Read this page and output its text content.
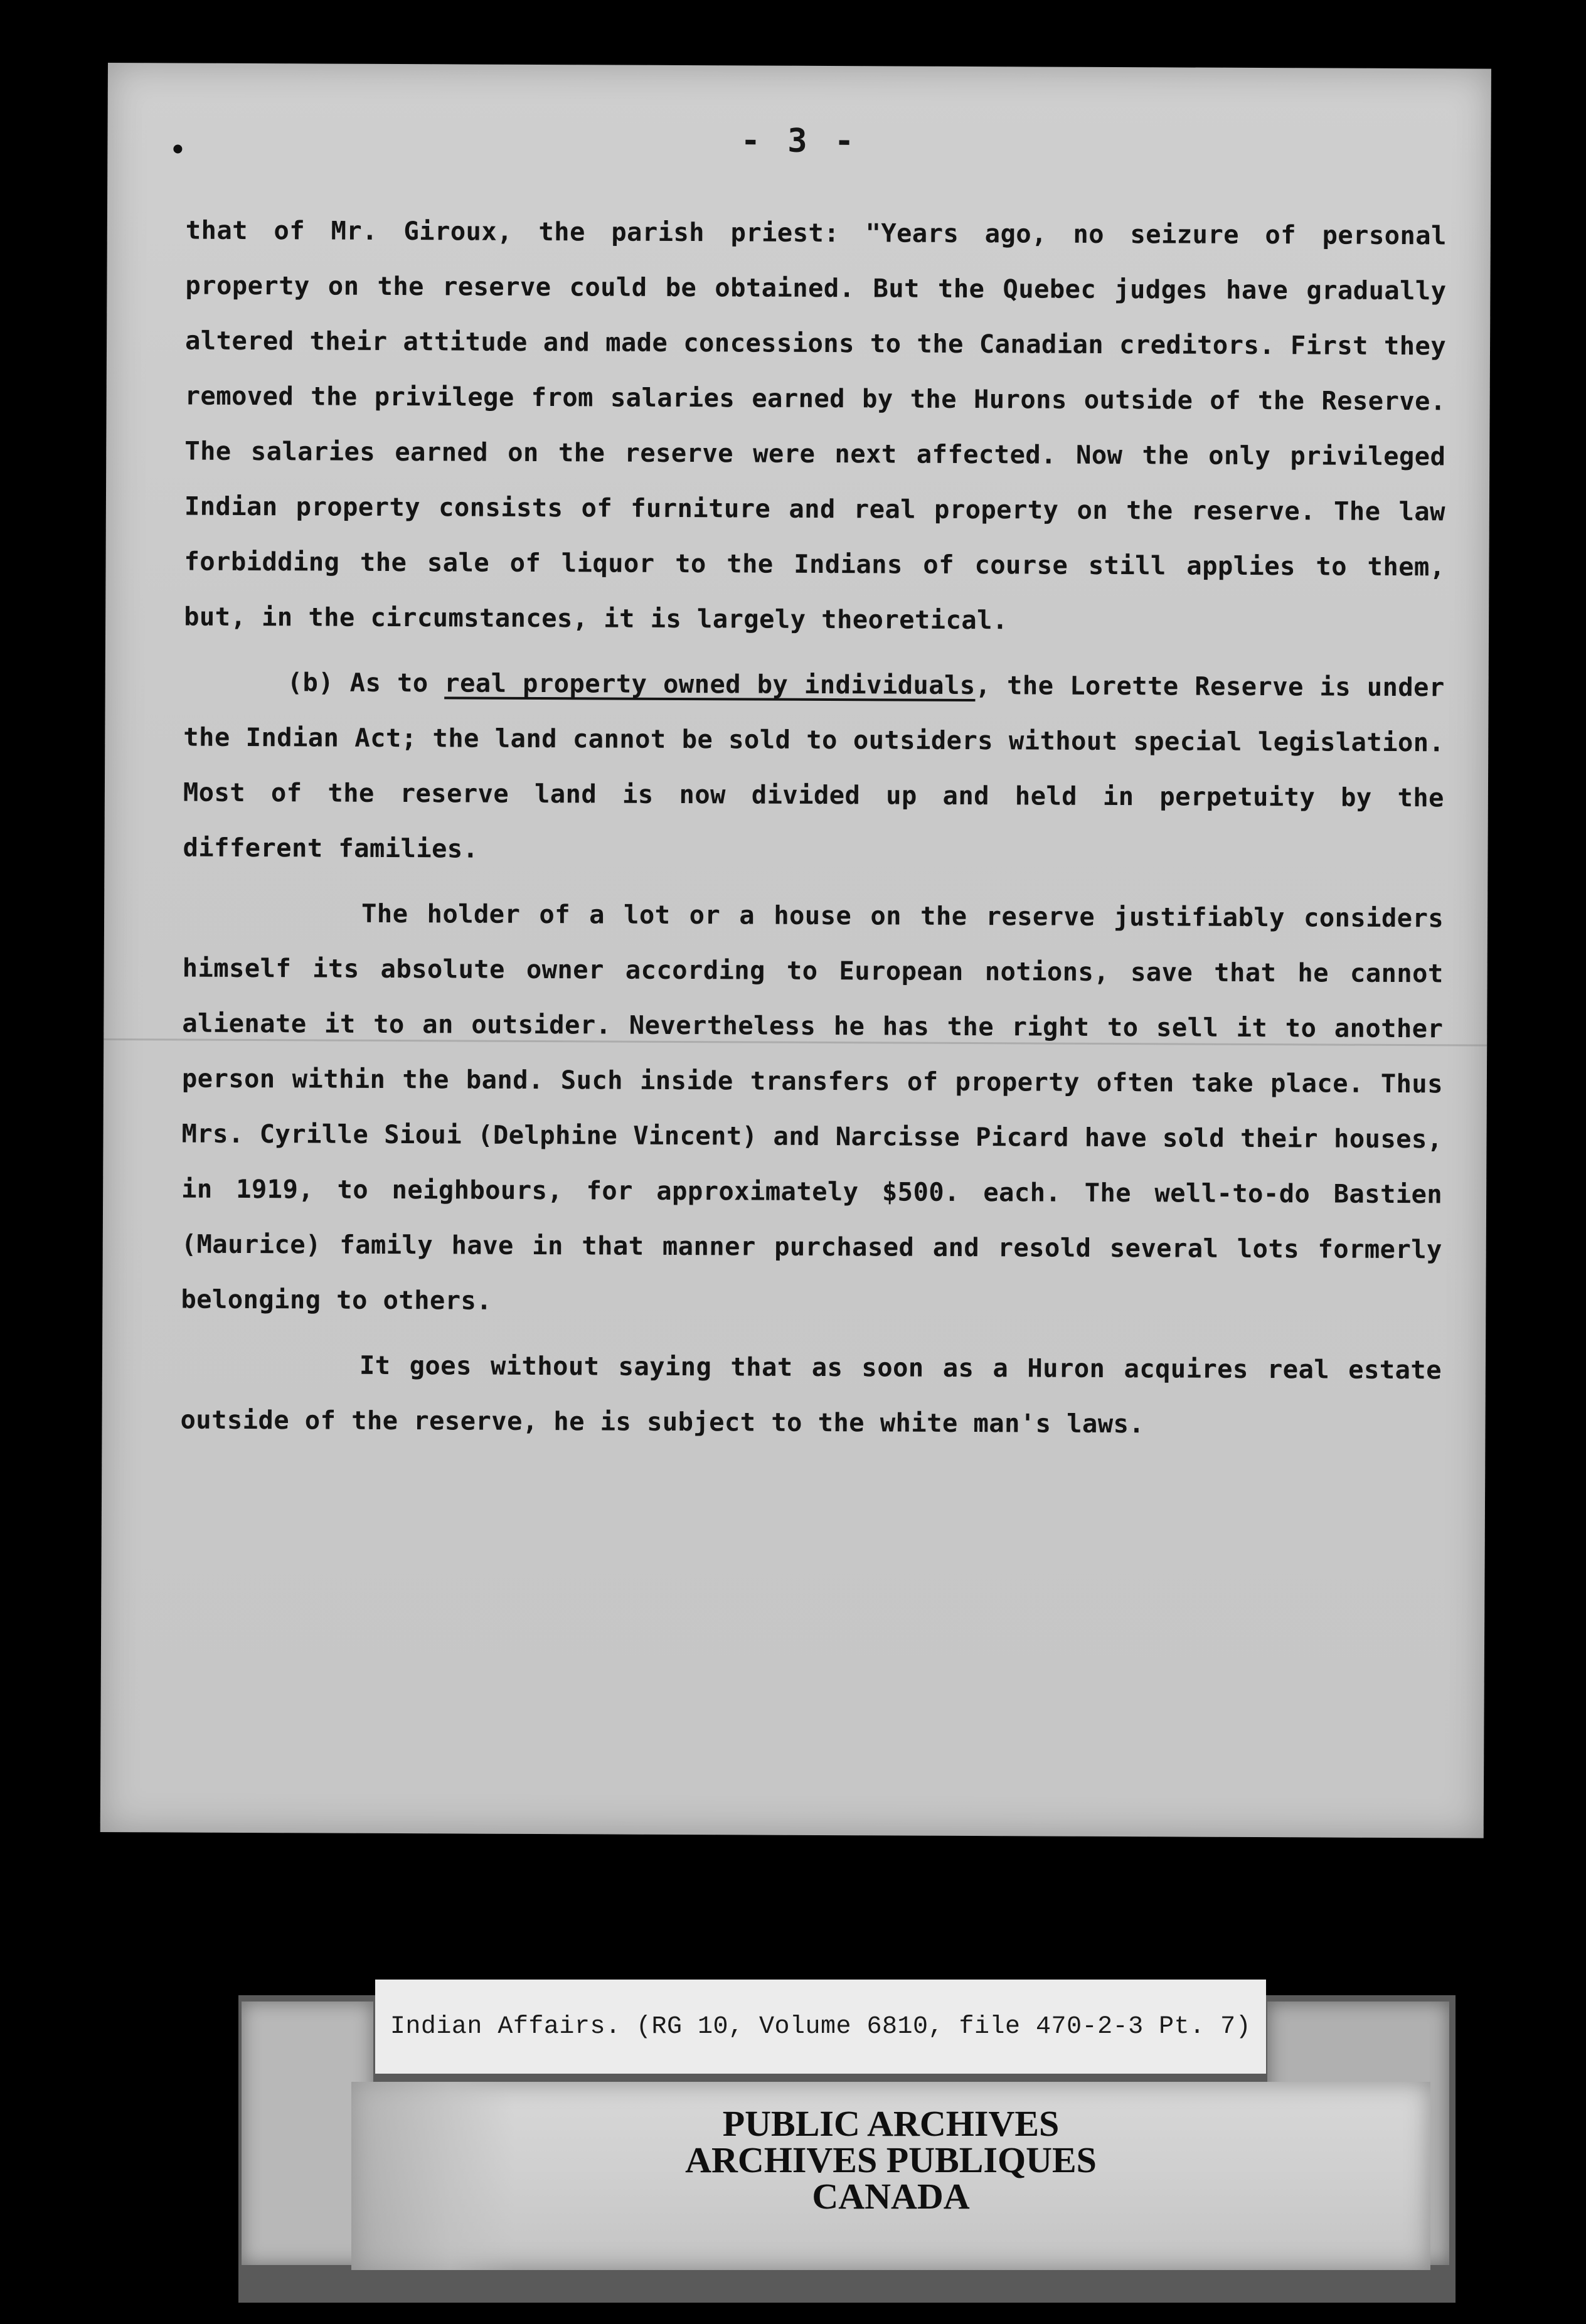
- 3 -

that of Mr. Giroux, the parish priest: "Years ago, no seizure of personal property on the reserve could be obtained. But the Quebec judges have gradually altered their attitude and made concessions to the Canadian creditors. First they removed the privilege from salaries earned by the Hurons outside of the Reserve. The salaries earned on the reserve were next affected. Now the only privileged Indian property consists of furniture and real property on the reserve. The law forbidding the sale of liquor to the Indians of course still applies to them, but, in the circumstances, it is largely theoretical.

(b) As to real property owned by individuals, the Lorette Reserve is under the Indian Act; the land cannot be sold to outsiders without special legislation. Most of the reserve land is now divided up and held in perpetuity by the different families.

The holder of a lot or a house on the reserve justifiably considers himself its absolute owner according to European notions, save that he cannot alienate it to an outsider. Nevertheless he has the right to sell it to another person within the band. Such inside transfers of property often take place. Thus Mrs. Cyrille Sioui (Delphine Vincent) and Narcisse Picard have sold their houses, in 1919, to neighbours, for approximately $500. each. The well-to-do Bastien (Maurice) family have in that manner purchased and resold several lots formerly belonging to others.

It goes without saying that as soon as a Huron acquires real estate outside of the reserve, he is subject to the white man's laws.

Indian Affairs. (RG 10, Volume 6810, file 470-2-3 Pt. 7)
PUBLIC ARCHIVES
ARCHIVES PUBLIQUES
CANADA
